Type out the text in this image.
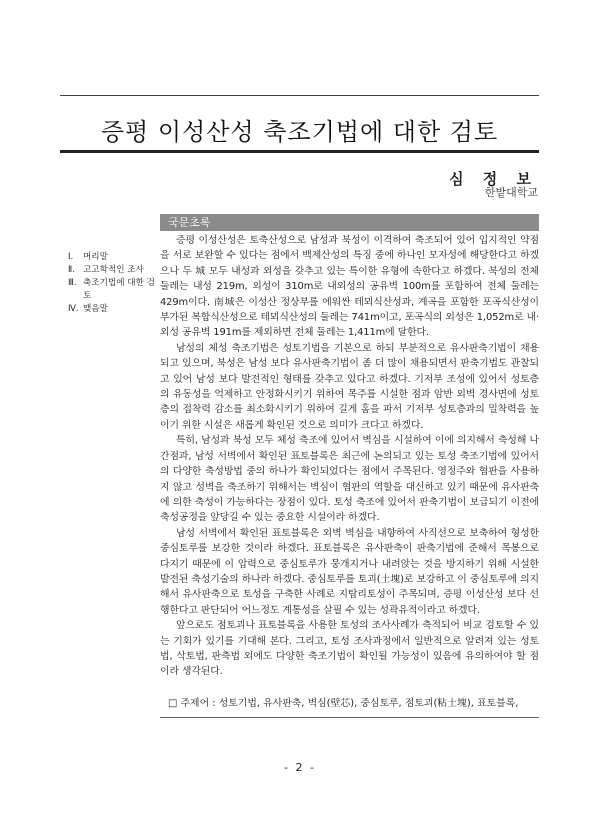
증평 이성산성 축조기법에 대한 검토
심 정 보
한밭대학교
국문초록
Ⅰ.	머리말
Ⅱ. 고고학적인 조사
Ⅲ. 축조기법에 대한 검토
Ⅳ. 맺음말

증평 이성산성은 토축산성으로 남성과 북성이 이격하여 축조되어 있어 입지적인 약점을 서로 보완할 수 있다는 점에서 백제산성의 특징 중에 하나인 모자성에 해당한다고 하겠으나 두 城 모두 내성과 외성을 갖추고 있는 특이한 유형에 속한다고 하겠다. 북성의 전체 둘레는 내성 219m, 외성이 310m로 내외성의 공유벽 100m를 포함하여 전체 둘레는 429m이다. 南城은 이성산 정상부를 에워싼 테뫼식산성과, 계곡을 포함한 포곡식산성이 부가된 복합식산성으로 테뫼식산성의 둘레는 741m이고, 포곡식의 외성은 1,052m로 내·외성 공유벽 191m를 제외하면 전체 둘레는 1,411m에 달한다.

남성의 체성 축조기법은 성토기법을 기본으로 하되 부분적으로 유사판축기법이 채용되고 있으며, 북성은 남성 보다 유사판축기법이 좀 더 많이 채용되면서 판축기법도 관찰되고 있어 남성 보다 발전적인 형태를 갖추고 있다고 하겠다. 기저부 조성에 있어서 성토층의 유동성을 억제하고 안정화시키기 위하여 목주를 시설한 점과 암반 외벽 경사면에 성토층의 접착력 감소를 최소화시키기 위하여 길게 홈을 파서 기저부 성토층과의 밀착력을 높이기 위한 시설은 새롭게 확인된 것으로 의미가 크다고 하겠다.

특히, 남성과 북성 모두 체성 축조에 있어서 벽심을 시설하여 이에 의지해서 축성해 나간점과, 남성 서벽에서 확인된 표토블록은 최근에 논의되고 있는 토성 축조기법에 있어서의 다양한 축성방법 중의 하나가 확인되었다는 점에서 주목된다. 영정주와 협판을 사용하지 않고 성벽을 축조하기 위해서는 벽심이 협판의 역할을 대신하고 있기 때문에 유사판축에 의한 축성이 가능하다는 장점이 있다. 토성 축조에 있어서 판축기법이 보급되기 이전에 축성공정을 앞당길 수 있는 중요한 시설이라 하겠다.

남성 서벽에서 확인된 표토블록은 외벽 벽심을 내향하여 사직선으로 보축하여 형성한 중심토루를 보강한 것이라 하겠다. 표토블록은 유사판축이 판축기법에 준해서 목봉으로 다지기 때문에 이 압력으로 중심토루가 뭉개지거나 내려앉는 것을 방지하기 위해 시설한 발전된 축성기술의 하나라 하겠다. 중심토루를 토괴(土塊)로 보강하고 이 중심토루에 의지해서 유사판축으로 토성을 구축한 사례로 지탑리토성이 주목되며, 증평 이성산성 보다 선행한다고 판단되어 어느정도 계통성을 살필 수 있는 성곽유적이라고 하겠다.

앞으로도 점토괴나 표토블록을 사용한 토성의 조사사례가 축적되어 비교 검토할 수 있는 기회가 있기를 기대해 본다. 그리고, 토성 조사과정에서 일반적으로 알려져 있는 성토법, 삭토법, 판축법 외에도 다양한 축조기법이 확인될 가능성이 있음에 유의하여야 할 점이라 생각된다.

□ 주제어 : 성토기법, 유사판축, 벽심(壁芯), 중심토루, 점토괴(粘土塊), 표토블록,
- 2 -
